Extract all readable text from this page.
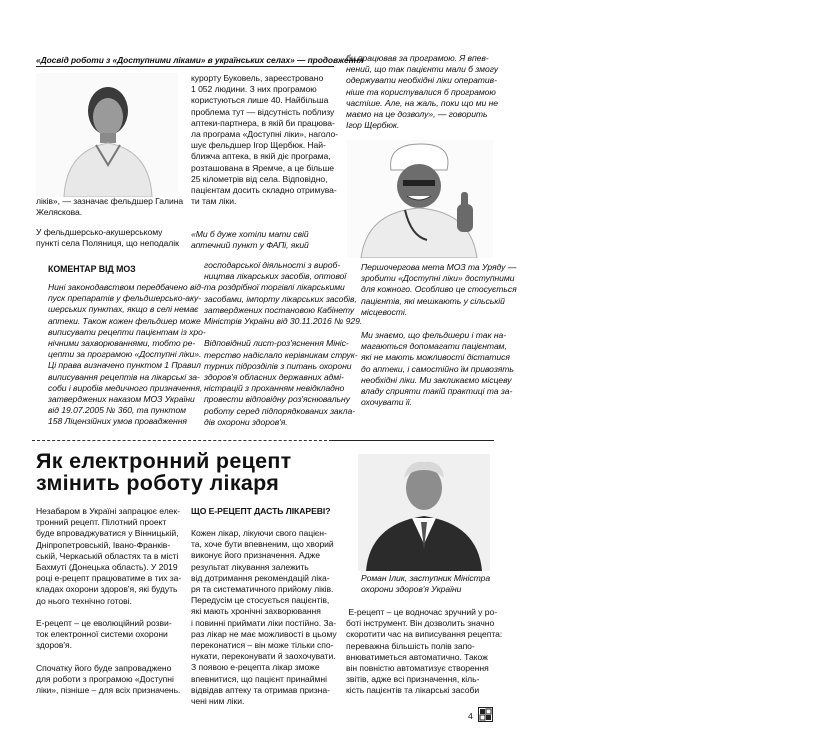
«Досвід роботи з «Доступними ліками» в українських селах» — продовження
ліків», — зазначає фельдшер Галина
Желяскова.
У фельдшерсько-акушерському
пункті села Поляниця, що неподалік
курорту Буковель, зареєстровано
1 052 людини. З них програмою
користуються лише 40. Найбільша
проблема тут — відсутність поблизу
аптеки-партнера, в якій би працюва-
ла програма «Доступні ліки», наголо-
шує фельдшер Ігор Щербюк. Най-
ближча аптека, в якій діє програма,
розташована в Яремче, а це більше
25 кілометрів від села. Відповідно,
пацієнтам досить складно отримува-
ти там ліки.
«Ми б дуже хотіли мати свій
аптечний пункт у ФАПі, який
би працював за програмою. Я впев-
нений, що так пацієнти мали б змогу
одержувати необхідні ліки оператив-
ніше та користувалися б програмою
частіше. Але, на жаль, поки що ми не
маємо на це дозволу», — говорить
Ігор Щербюк.
КОМЕНТАР ВІД МОЗ
Нині законодавством передбачено від-
пуск препаратів у фельдшерсько-аку-
шерських пунктах, якщо в селі немає
аптеки. Також кожен фельдшер може
виписувати рецепти пацієнтам із хро-
нічними захворюваннями, тобто ре-
цепти за програмою «Доступні ліки».
Ці права визначено пунктом 1 Правил
виписування рецептів на лікарські за-
соби і виробів медичного призначення,
затверджених наказом МОЗ України
від 19.07.2005 № 360, та пунктом
158 Ліцензійних умов провадження
господарської діяльності з вироб-
ництва лікарських засобів, оптової
та роздрібної торгівлі лікарськими
засобами, імпорту лікарських засобів,
затверджених постановою Кабінету
Міністрів України від 30.11.2016 № 929.

Відповідний лист-роз'яснення Мініс-
терство надіслало керівникам струк-
турних підрозділів з питань охорони
здоров'я обласних державних адмі-
ністрацій з проханням невідкладно
провести відповідну роз'яснювальну
роботу серед підпорядкованих закла-
дів охорони здоров'я.
Першочергова мета МОЗ та Уряду —
зробити «Доступні ліки» доступними
для кожного. Особливо це стосується
пацієнтів, які мешкають у сільській
місцевості.
Ми знаємо, що фельдшери і так на-
магаються допомагати пацієнтам,
які не мають можливості дістатися
до аптеки, і самостійно їм привозять
необхідні ліки. Ми закликаємо місцеву
владу сприяти такій практиці та за-
охочувати її.
Як електронний рецепт
змінить роботу лікаря
Незабаром в Україні запрацює елек-
тронний рецепт. Пілотний проект
буде впроваджуватися у Вінницькій,
Дніпропетровській, Івано-Франків-
ській, Черкаській областях та в місті
Бахмуті (Донецька область). У 2019
році е-рецепт працюватиме в тих за-
кладах охорони здоров'я, які будуть
до нього технічно готові.

Е-рецепт – це еволюційний розви-
ток електронної системи охорони
здоров'я.

Спочатку його буде запроваджено
для роботи з програмою «Доступні
ліки», пізніше – для всіх призначень.
ЩО Е-РЕЦЕПТ ДАСТЬ ЛІКАРЕВІ?
Кожен лікар, лікуючи свого пацієн-
та, хоче бути впевненим, що хворий
виконує його призначення. Адже
результат лікування залежить
від дотримання рекомендацій ліка-
ря та систематичного прийому ліків.
Передусім це стосується пацієнтів,
які мають хронічні захворювання
і повинні приймати ліки постійно. За-
раз лікар не має можливості в цьому
переконатися – він може тільки спо-
нукати, переконувати й заохочувати.
З появою е-рецепта лікар зможе
впевнитися, що пацієнт принаймні
відвідав аптеку та отримав призна-
чені ним ліки.
Роман Ілик, заступник Міністра
охорони здоров'я України
Е-рецепт – це водночас зручний у ро-
боті інструмент. Він дозволить значно
скоротити час на виписування рецепта:
переважна більшість полів запо-
внюватиметься автоматично. Також
він повністю автоматизує створення
звітів, адже всі призначення, кіль-
кість пацієнтів та лікарські засоби
4
